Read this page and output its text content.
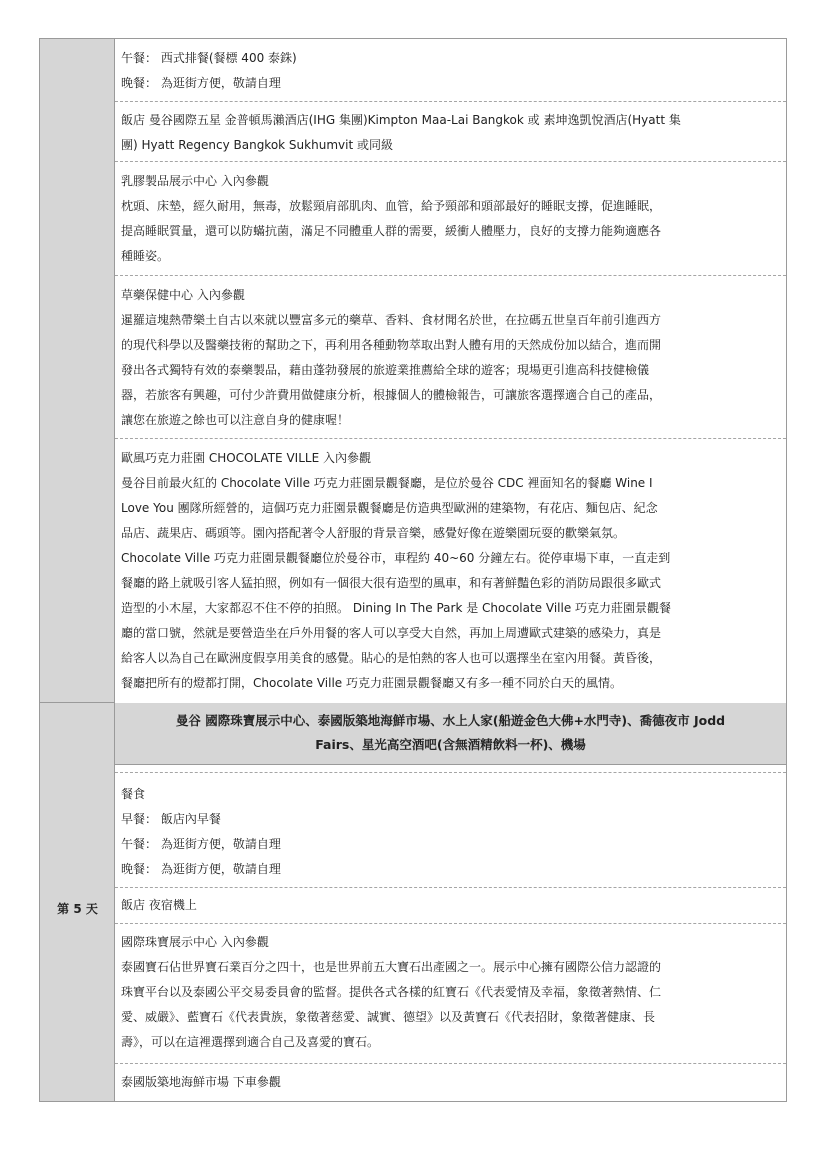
第 5 天

午餐： 西式排餐(餐標 400 泰銖)

晚餐： 為逛街方便，敬請自理

飯店 曼谷國際五星 金普頓馬瀨酒店(IHG 集團)Kimpton Maa-Lai Bangkok 或 素坤逸凱悅酒店(Hyatt 集

團) Hyatt Regency Bangkok Sukhumvit 或同級

乳膠製品展示中心 入內參觀

枕頭、床墊，經久耐用，無毒，放鬆頸肩部肌肉、血管，給予頸部和頭部最好的睡眠支撐，促進睡眠，

提高睡眠質量，還可以防蟎抗菌，滿足不同體重人群的需要，緩衝人體壓力，良好的支撐力能夠適應各

種睡姿。

草藥保健中心 入內參觀

暹羅這塊熱帶樂土自古以來就以豐富多元的藥草、香料、食材聞名於世，在拉碼五世皇百年前引進西方

的現代科學以及醫藥技術的幫助之下，再利用各種動物萃取出對人體有用的天然成份加以結合，進而開

發出各式獨特有效的泰藥製品，藉由蓬勃發展的旅遊業推薦給全球的遊客；現場更引進高科技健檢儀

器，若旅客有興趣，可付少許費用做健康分析，根據個人的體檢報告，可讓旅客選擇適合自己的產品，

讓您在旅遊之餘也可以注意自身的健康喔！

歐風巧克力莊園 CHOCOLATE VILLE 入內參觀

曼谷目前最火紅的 Chocolate Ville 巧克力莊園景觀餐廳，是位於曼谷 CDC 裡面知名的餐廳 Wine I

Love You 團隊所經營的，這個巧克力莊園景觀餐廳是仿造典型歐洲的建築物，有花店、麵包店、紀念

品店、蔬果店、碼頭等。園內搭配著令人舒服的背景音樂，感覺好像在遊樂園玩耍的歡樂氣氛。

Chocolate Ville 巧克力莊園景觀餐廳位於曼谷市，車程約 40~60 分鐘左右。從停車場下車，一直走到

餐廳的路上就吸引客人猛拍照，例如有一個很大很有造型的風車，和有著鮮豔色彩的消防局跟很多歐式

造型的小木屋，大家都忍不住不停的拍照。 Dining In The Park 是 Chocolate Ville 巧克力莊園景觀餐

廳的當口號，然就是要營造坐在戶外用餐的客人可以享受大自然，再加上周遭歐式建築的感染力，真是

給客人以為自己在歐洲度假享用美食的感覺。貼心的是怕熱的客人也可以選擇坐在室內用餐。黃昏後，

餐廳把所有的燈都打開，Chocolate Ville 巧克力莊園景觀餐廳又有多一種不同於白天的風情。

曼谷 國際珠寶展示中心、泰國版築地海鮮市場、水上人家(船遊金色大佛+水門寺)、喬德夜市 Jodd
Fairs、星光高空酒吧(含無酒精飲料一杯)、機場

餐食

早餐： 飯店內早餐

午餐： 為逛街方便，敬請自理

晚餐： 為逛街方便，敬請自理

飯店 夜宿機上

國際珠寶展示中心 入內參觀

泰國寶石佔世界寶石業百分之四十，也是世界前五大寶石出產國之一。展示中心擁有國際公信力認證的

珠寶平台以及泰國公平交易委員會的監督。提供各式各樣的紅寶石《代表愛情及幸福，象徵著熱情、仁

愛、威嚴》、藍寶石《代表貴族，象徵著慈愛、誠實、德望》以及黃寶石《代表招財，象徵著健康、長

壽》，可以在這裡選擇到適合自己及喜愛的寶石。

泰國版築地海鮮市場 下車參觀
